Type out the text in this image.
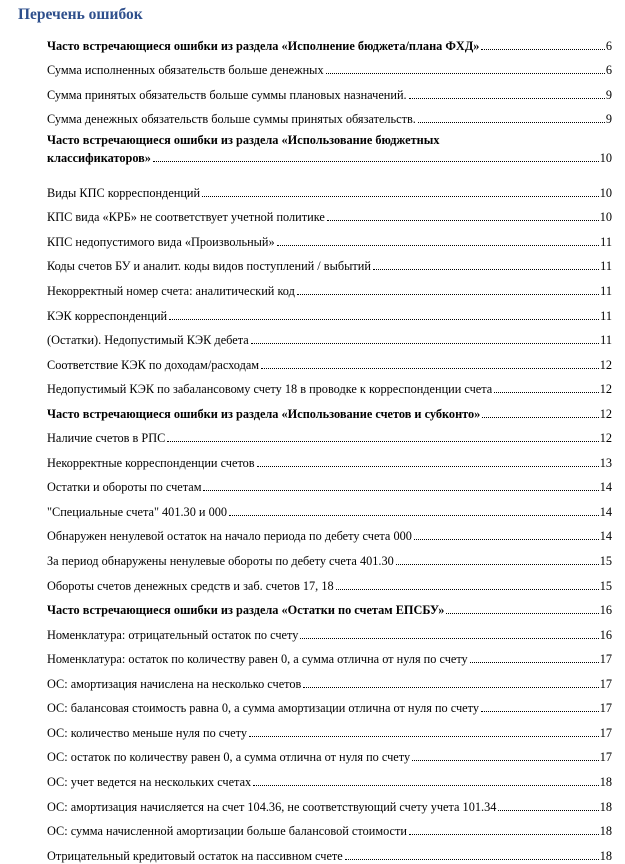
Перечень ошибок
Часто встречающиеся ошибки из раздела «Исполнение бюджета/плана ФХД»	6
Сумма исполненных обязательств больше денежных	6
Сумма принятых обязательств больше суммы плановых назначений.	9
Сумма денежных обязательств больше суммы принятых обязательств.	9
Часто встречающиеся ошибки из раздела «Использование бюджетных
классификаторов»	10
Виды КПС корреспонденций	10
КПС вида «КРБ» не соответствует учетной политике	10
КПС недопустимого вида «Произвольный»	11
Коды счетов БУ и аналит. коды видов поступлений / выбытий	11
Некорректный номер счета: аналитический код	11
КЭК корреспонденций	11
(Остатки). Недопустимый КЭК дебета	11
Соответствие КЭК по доходам/расходам	12
Недопустимый КЭК по забалансовому счету 18 в проводке к корреспонденции счета	12
Часто встречающиеся ошибки из раздела «Использование счетов и субконто»	12
Наличие счетов в РПС	12
Некорректные корреспонденции счетов	13
Остатки и обороты по счетам	14
"Специальные счета" 401.30 и 000	14
Обнаружен ненулевой остаток на начало периода по дебету счета 000	14
За период обнаружены ненулевые обороты по дебету счета 401.30	15
Обороты счетов денежных средств и заб. счетов 17, 18	15
Часто встречающиеся ошибки из раздела «Остатки по счетам ЕПСБУ»	16
Номенклатура: отрицательный остаток по счету	16
Номенклатура: остаток по количеству равен 0, а сумма отлична от нуля по счету	17
ОС: амортизация начислена на несколько счетов	17
ОС: балансовая стоимость равна 0, а сумма амортизации отлична от нуля по счету	17
ОС: количество меньше нуля по счету	17
ОС: остаток по количеству равен 0, а сумма отлична от нуля по счету	17
ОС: учет ведется на нескольких счетах	18
ОС: амортизация начисляется на счет 104.36, не соответствующий счету учета 101.34	18
ОС: сумма начисленной амортизации больше балансовой стоимости	18
Отрицательный кредитовый остаток на пассивном счете	18
